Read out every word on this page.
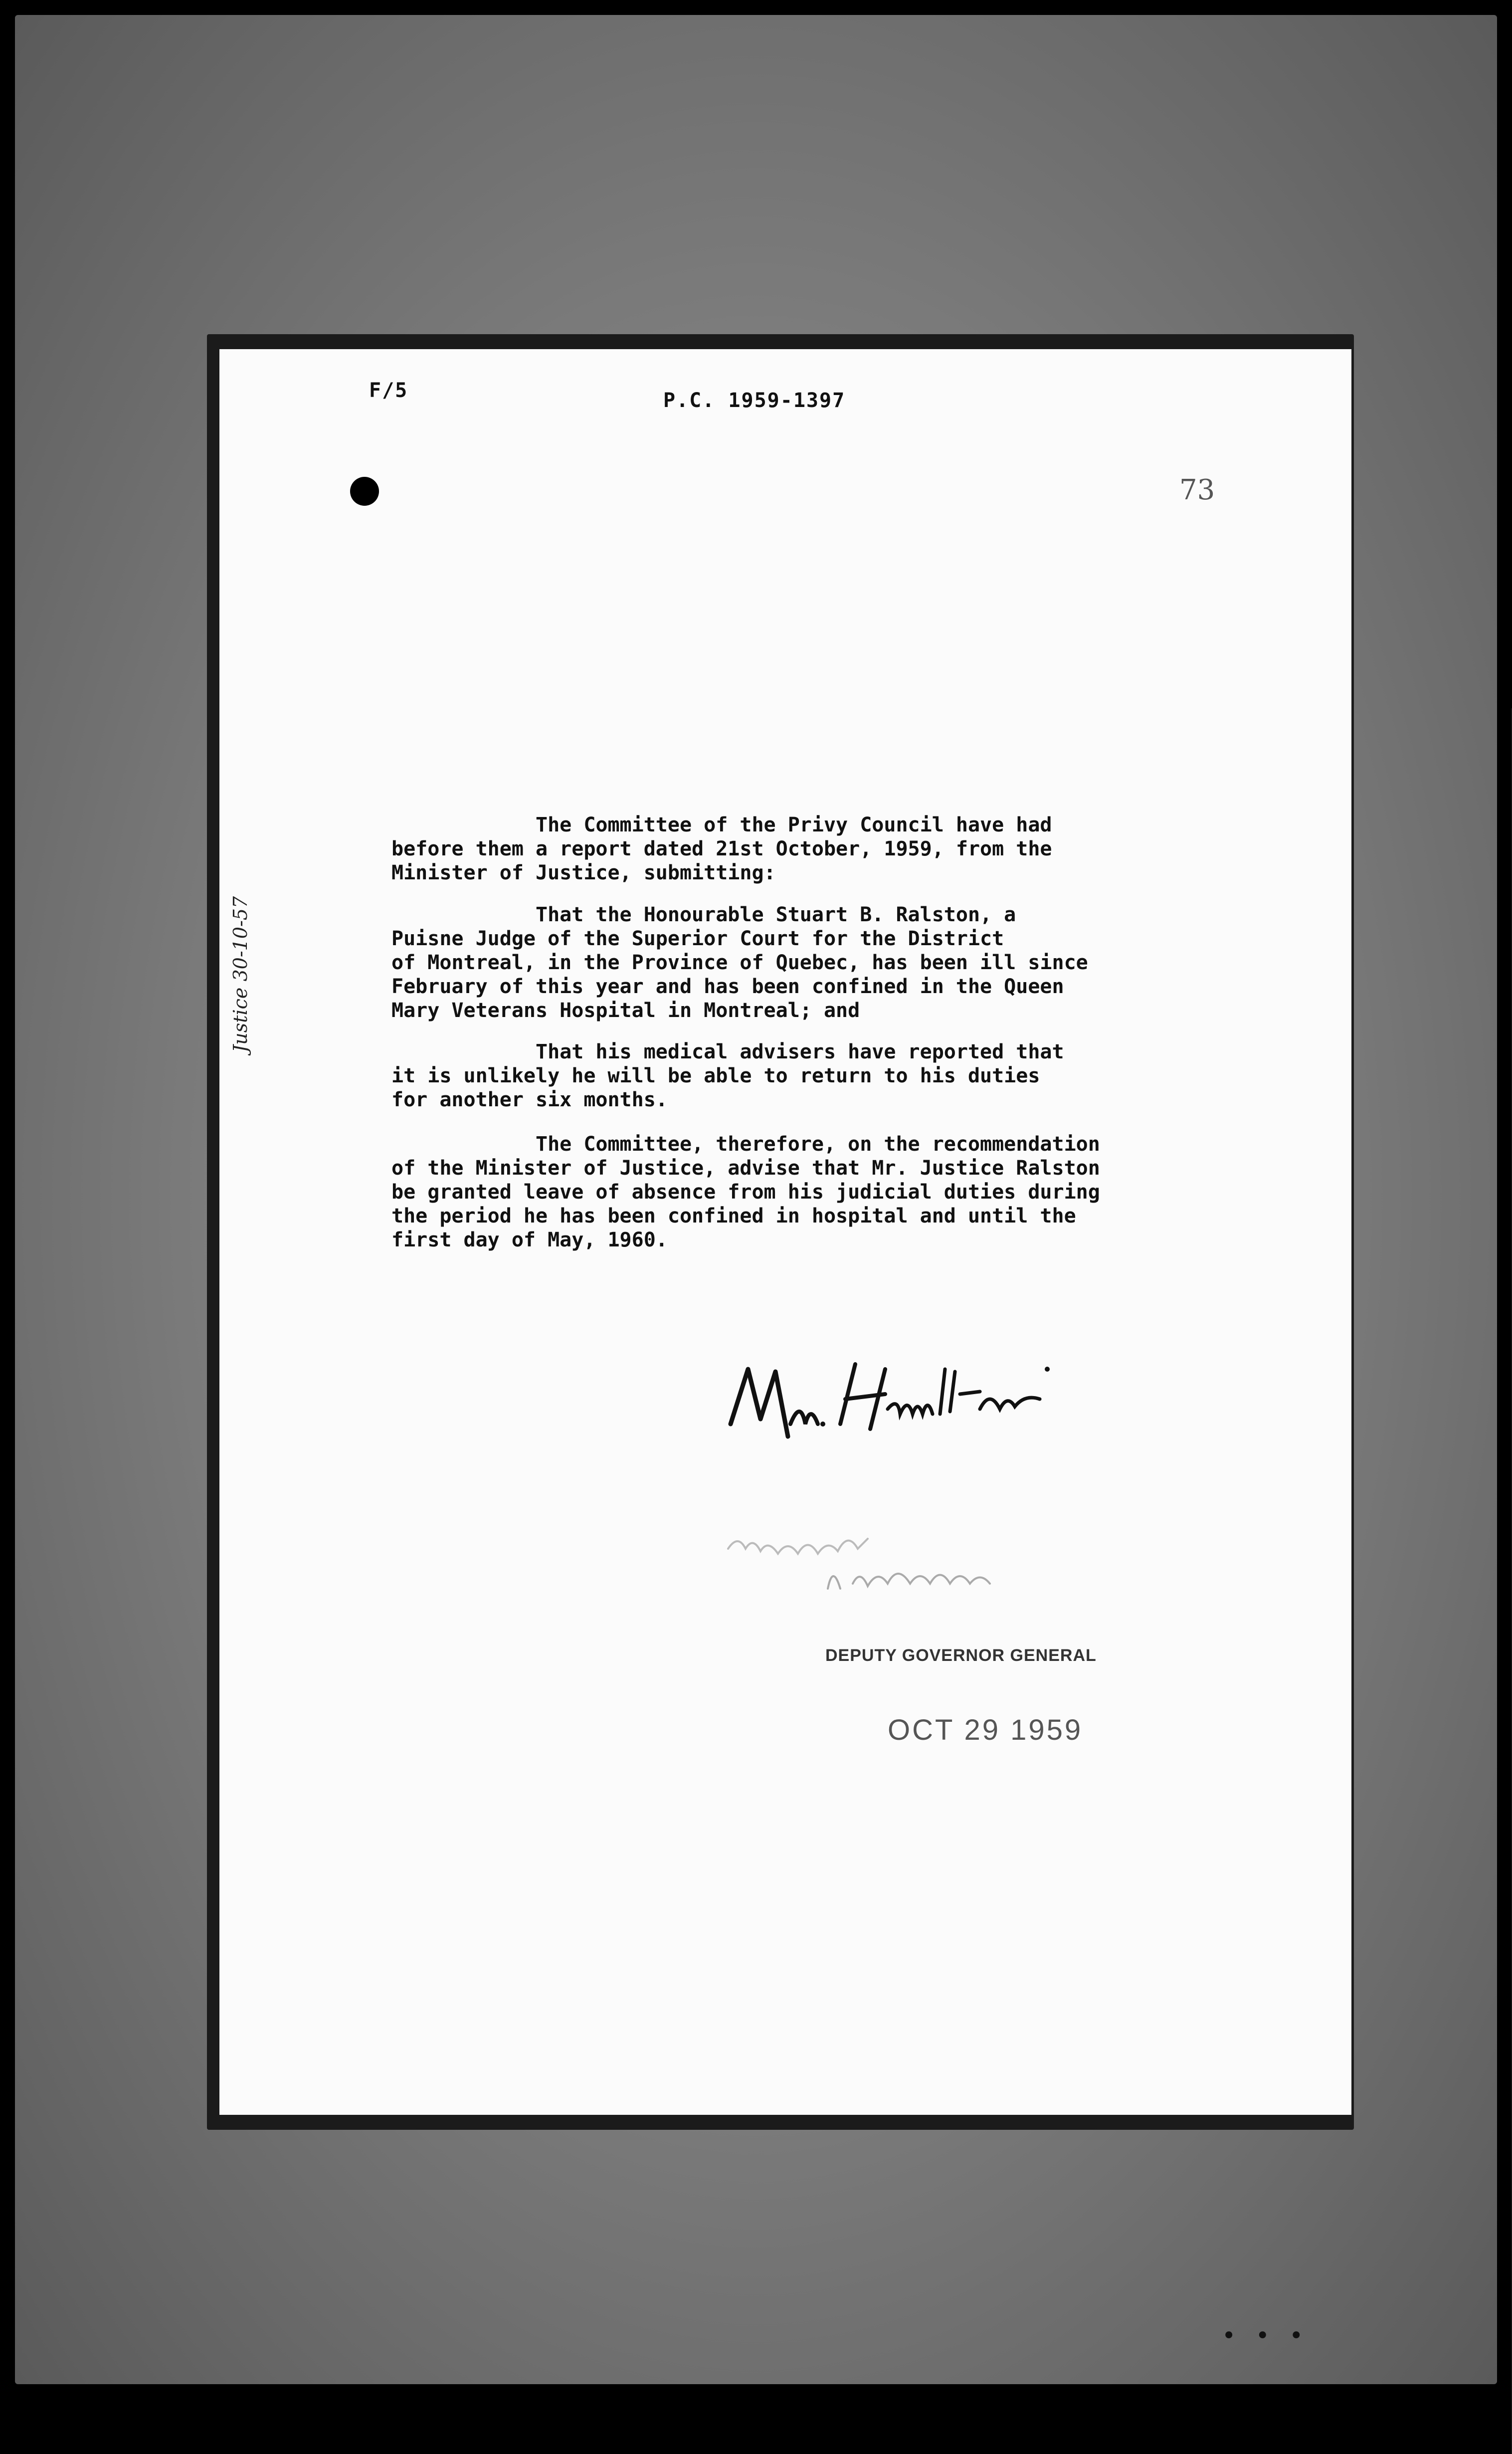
F/5	P.C. 1959-1397
73
The Committee of the Privy Council have had
before them a report dated 21st October, 1959, from the
Minister of Justice, submitting:
That the Honourable Stuart B. Ralston, a
Puisne Judge of the Superior Court for the District
of Montreal, in the Province of Quebec, has been ill since
February of this year and has been confined in the Queen
Mary Veterans Hospital in Montreal; and
That his medical advisers have reported that
it is unlikely he will be able to return to his duties
for another six months.
The Committee, therefore, on the recommendation
of the Minister of Justice, advise that Mr. Justice Ralston
be granted leave of absence from his judicial duties during
the period he has been confined in hospital and until the
first day of May, 1960.
Justice 30-10-57
DEPUTY GOVERNOR GENERAL
OCT 29 1959
• • •
